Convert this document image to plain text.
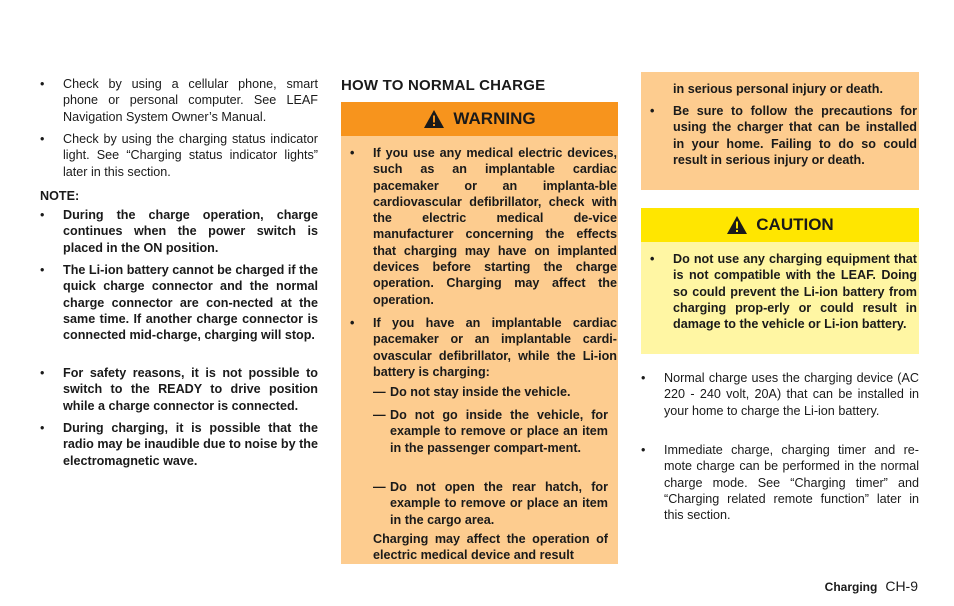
• Check by using a cellular phone, smart phone or personal computer. See LEAF Navigation System Owner’s Manual.

• Check by using the charging status indicator light. See “Charging status indicator lights” later in this section.

NOTE:

• During the charge operation, charge continues when the power switch is placed in the ON position.

• The Li-ion battery cannot be charged if the quick charge connector and the normal charge connector are con-nected at the same time. If another charge connector is connected mid-charge, charging will stop.

• For safety reasons, it is not possible to switch to the READY to drive position while a charge connector is connected.

• During charging, it is possible that the radio may be inaudible due to noise by the electromagnetic wave.

HOW TO NORMAL CHARGE
WARNING

• If you use any medical electric devices, such as an implantable cardiac pacemaker or an implanta-ble cardiovascular defibrillator, check with the electric medical de-vice manufacturer concerning the effects that charging may have on implanted devices before starting the charge operation. Charging may affect the operation.

• If you have an implantable cardiac pacemaker or an implantable cardi-ovascular defibrillator, while the Li-ion battery is charging:

— Do not stay inside the vehicle.

— Do not go inside the vehicle, for example to remove or place an item in the passenger compart-ment.

— Do not open the rear hatch, for example to remove or place an item in the cargo area.

Charging may affect the operation of electric medical device and result

in serious personal injury or death.

• Be sure to follow the precautions for using the charger that can be installed in your home. Failing to do so could result in serious injury or death.

CAUTION

• Do not use any charging equipment that is not compatible with the LEAF. Doing so could prevent the Li-ion battery from charging prop-erly or could result in damage to the vehicle or Li-ion battery.

• Normal charge uses the charging device (AC 220 - 240 volt, 20A) that can be installed in your home to charge the Li-ion battery.

• Immediate charge, charging timer and re-mote charge can be performed in the normal charge mode. See “Charging timer” and “Charging related remote function” later in this section.

Charging CH-9
